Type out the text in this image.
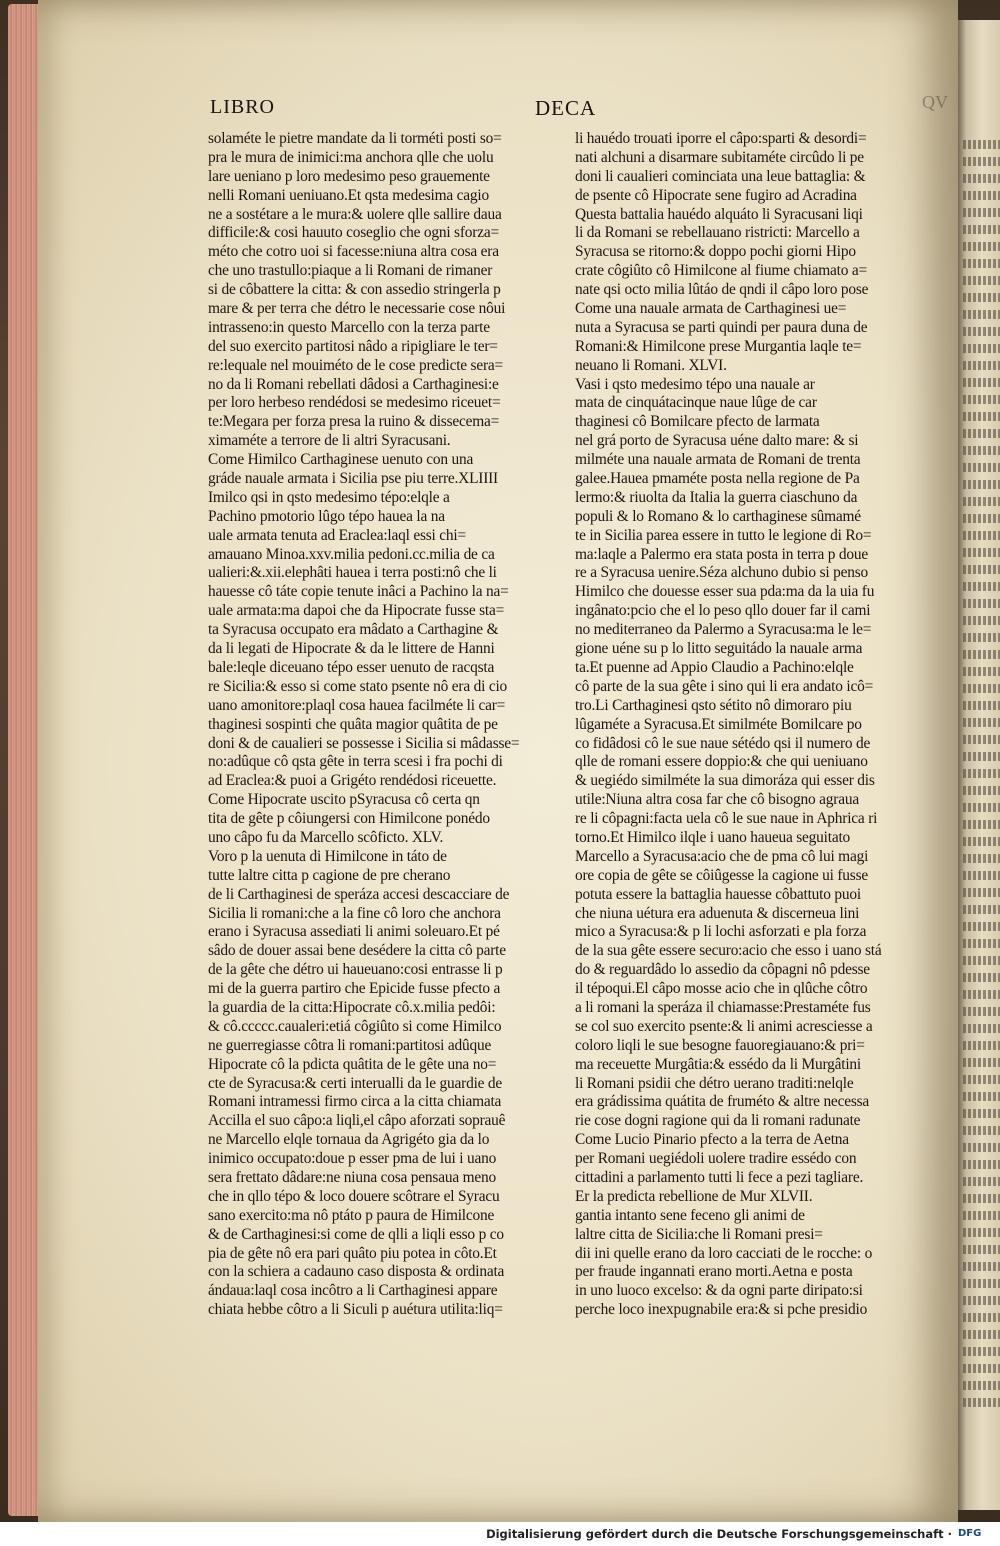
LIBRO	DECA	QV
solaméte le pietre mandate da li torméti posti so=
pra le mura de inimici:ma anchora qlle che uolu
lare ueniano p loro medesimo peso grauemente
nelli Romani ueniuano.Et qsta medesima cagio
ne a sostétare a le mura:& uolere qlle sallire daua
difficile:& cosi hauuto coseglio che ogni sforza=
méto che cotro uoi si facesse:niuna altra cosa era
che uno trastullo:piaque a li Romani de rimaner
si de côbattere la citta: & con assedio stringerla p
mare & per terra che détro le necessarie cose nôui
intrassenо:in questo Marcello con la terza parte
del suo exercito partitosi nâdo a ripigliare le ter=
re:lequale nel mouiméto de le cose predicte sera=
no da li Romani rebellati dâdosi a Carthaginesi:e
per loro herbeso rendédosi se medesimo riceuet=
te:Megara per forza presa la ruino & dissecema=
ximaméte a terrore de li altri Syracusani.
Come Himilco Carthaginese uenuto con una
gráde nauale armata i Sicilia pse piu terre.XLIIII
Imilco qsi in qsto medesimo tépo:elqle a
Pachino pmotorio lûgo tépo hauea la na
uale armata tenuta ad Eraclea:laql essi chi=
amauano Minoa.xxv.milia pedoni.cc.milia de ca
ualieri:&.xii.elephâti hauea i terra posti:nô che li
hauesse cô táte copie tenute inâci a Pachino la na=
uale armata:ma dapoi che da Hipocrate fusse sta=
ta Syracusa occupato era mâdato a Carthagine &
da li legati de Hipocrate & da le littere de Hanni
bale:lеqle diceuano tépo esser uenuto de racqsta
re Sicilia:& esso si come stato psente nô era di cio
uano amonitore:plaql cosa hauea facilméte li car=
thaginesi sospinti che quâta magior quâtita de pe
doni & de caualieri se possesse i Sicilia si mâdasse=
no:adûque cô qsta gête in terra scesi i fra pochi di
ad Eraclea:& puoi a Grigéto rendédosi riceuette.
Come Hipocrate uscito pSyracusa cô certa qn
tita de gête p côiungersi con Himilcone ponédo
uno câpo fu da Marcello scôfictо. XLV.
Voro p la uenuta di Himilcone in táto de
tutte laltre citta p cagione de pre cherano
de li Carthaginesi de speráza accesi descacciare de
Sicilia li romani:che a la fine cô loro che anchora
erano i Syracusa assediati li animi soleuaro.Et pé
sâdo de douer assai bene desédere la citta cô parte
de la gête che détro ui haueuano:cosi entrasse li p
mi de la guerra partiro che Epicide fusse pfecto a
la guardia de la citta:Hipocrate cô.x.milia pedôi:
& cô.ccccc.caualeri:etiá côgiûto si come Himilco
ne guerregiasse côtra li romani:partitosi adûque
Hipocrate cô la pdicta quâtita de le gête una no=
cte de Syracusa:& certi interualli da le guardie de
Romani intramessi firmo circa a la citta chiamata
Accilla el suo câpo:a liqli,el câpo aforzati soprauê
ne Marcello elqle tornaua da Agrigéto gia da lo
inimico occupato:doue p esser pma de lui i uano
sera frettato dâdare:ne niuna cosa pensaua meno
che in qllo tépo & loco douere scôtrare el Syracu
sano exercito:ma nô ptáto p paura de Himilcone
& de Carthaginesi:si come de qlli a liqli esso p co
pia de gête nô era pari quâto piu potea in côto.Et
con la schiera a cadauno caso disposta & ordinata
ándaua:laql cosa incôtro a li Carthaginesi appare
chiata hebbe côtro a li Siculi p auétura utilita:liq=
li hauédo trouati iporre el câpo:sparti & desordi=
nati alchuni a disarmare subitaméte circûdo li pe
doni li caualieri cominciata una leue battaglia: &
de psente cô Hipocrate sene fugiro ad Acradina
Questa battalia hauédo alquáto li Syracusani liqi
li da Romani se rebellauano ristricti: Marcello a
Syracusa se ritorno:& doppo pochi giorni Hipo
crate côgiûto cô Himilcone al fiume chiamato a=
nate qsi octo milia lûtáo de qndi il câpo loro pose
Come una nauale armata de Carthaginesi ue=
nuta a Syracusa se parti quindi per paura duna de
Romani:& Himilcone prese Murgantia laqle te=
neuano li Romani. XLVI.
Vasi i qsto medesimo tépo una nauale ar
mata de cinquátacinque naue lûge de car
thaginesi cô Bomilcare pfecto de larmata
nel grá porto de Syracusa uéne dalto mare: & si
milméte una nauale armata de Romani de trenta
galee.Hauea pmaméte posta nella regione de Pa
lermo:& riuolta da Italia la guerra ciaschuno da
populi & lo Romano & lo carthaginese sûmamé
te in Sicilia parea essere in tutto le legione di Ro=
ma:laqle a Palermo era stata posta in terra p doue
re a Syracusa uenire.Séza alchuno dubio si penso
Himilco che douesse esser sua pda:ma da la uia fu
ingânato:pcio che el lo peso qllo douer far il cami
no mediterraneo da Palermo a Syracusa:ma le le=
gione uéne su p lo litto seguitádo la nauale arma
ta.Et puenne ad Appio Claudio a Pachino:elqle
cô parte de la sua gête i sino qui li era andato icô=
tro.Li Carthaginesi qsto sétito nô dimoraro piu
lûgaméte a Syracusa.Et similméte Bomilcare po
co fidâdosi cô le sue naue sétédo qsi il numero de
qlle de romani essere doppio:& che qui ueniuano
& uegiédo similméte la sua dimoráza qui esser dis
utile:Niuna altra cosa far che cô bisogno agraua
re li côpagni:facta uela cô le sue naue in Aphrica ri
torno.Et Himilco ilqle i uano haueua seguitato
Marcello a Syracusa:acio che de pma cô lui magi
ore copia de gête se côiûgesse la cagione ui fusse
potuta essere la battaglia hauesse côbattuto puoi
che niuna uétura era aduenuta & discerneua lini
mico a Syracusa:& p li lochi asforzati e pla forza
de la sua gête essere securo:acio che esso i uano stá
do & reguardâdo lo assedio da côpagni nô pdesse
il tépoqui.El câpo mosse acio che in qlûche côtro
a li romani la speráza il chiamasse:Prestaméte fus
se col suo exercito psente:& li animi acresciesse a
coloro liqli le sue besogne fauoregiauano:& pri=
ma receuette Murgâtia:& essédo da li Murgâtini
li Romani psidii che détro uerano traditi:nelqle
era grádissima quátita de fruméto & altre necessa
rie cose dogni ragione qui da li romani radunate
Come Lucio Pinario pfecto a la terra de Aetna
per Romani uegiédoli uolere tradire essédo con
cittadini a parlamento tutti li fece a pezi tagliare.
Er la predicta rebellione de Mur XLVII.
gantia intanto sene feceno gli animi de
laltre citta de Sicilia:che li Romani presi=
dii ini quelle erano da loro cacciati de le rocche: o
per fraude ingannati erano morti.Aetna e posta
in uno luoco excelso: & da ogni parte diripato:si
perche loco inexpugnabile era:& si pche presidio
Digitalisierung gefördert durch die Deutsche Forschungsgemeinschaft · DFG
